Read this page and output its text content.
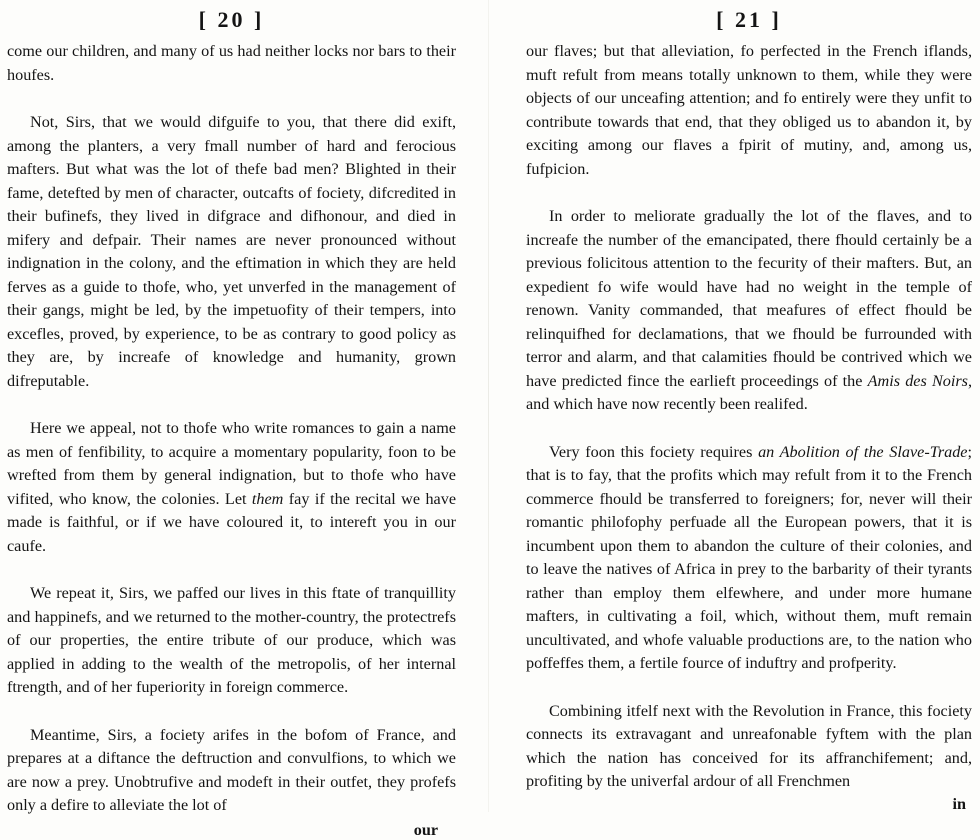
[ 20 ]

come our children, and many of us had neither locks nor bars to their houfes.

Not, Sirs, that we would difguife to you, that there did exift, among the planters, a very fmall number of hard and ferocious mafters. But what was the lot of thefe bad men? Blighted in their fame, detefted by men of character, outcafts of fociety, difcredited in their bufinefs, they lived in difgrace and difhonour, and died in mifery and defpair. Their names are never pronounced without indignation in the colony, and the eftimation in which they are held ferves as a guide to thofe, who, yet unverfed in the management of their gangs, might be led, by the impetuofity of their tempers, into excefles, proved, by experience, to be as contrary to good policy as they are, by increafe of knowledge and humanity, grown difreputable.

Here we appeal, not to thofe who write romances to gain a name as men of fenfibility, to acquire a momentary popularity, foon to be wrefted from them by general indignation, but to thofe who have vifited, who know, the colonies. Let them fay if the recital we have made is faithful, or if we have coloured it, to intereft you in our caufe.

We repeat it, Sirs, we paffed our lives in this ftate of tranquillity and happinefs, and we returned to the mother-country, the protectrefs of our properties, the entire tribute of our produce, which was applied in adding to the wealth of the metropolis, of her internal ftrength, and of her fuperiority in foreign commerce.

Meantime, Sirs, a fociety arifes in the bofom of France, and prepares at a diftance the deftruction and convulfions, to which we are now a prey. Unobtrufive and modeft in their outfet, they profefs only a defire to alleviate the lot of

our
[ 21 ]

our flaves; but that alleviation, fo perfected in the French iflands, muft refult from means totally unknown to them, while they were objects of our unceafing attention; and fo entirely were they unfit to contribute towards that end, that they obliged us to abandon it, by exciting among our flaves a fpirit of mutiny, and, among us, fufpicion.

In order to meliorate gradually the lot of the flaves, and to increafe the number of the emancipated, there fhould certainly be a previous folicitous attention to the fecurity of their mafters. But, an expedient fo wife would have had no weight in the temple of renown. Vanity commanded, that meafures of effect fhould be relinquifhed for declamations, that we fhould be furrounded with terror and alarm, and that calamities fhould be contrived which we have predicted fince the earlieft proceedings of the Amis des Noirs, and which have now recently been realifed.

Very foon this fociety requires an Abolition of the Slave-Trade; that is to fay, that the profits which may refult from it to the French commerce fhould be transferred to foreigners; for, never will their romantic philofophy perfuade all the European powers, that it is incumbent upon them to abandon the culture of their colonies, and to leave the natives of Africa in prey to the barbarity of their tyrants rather than employ them elfewhere, and under more humane mafters, in cultivating a foil, which, without them, muft remain uncultivated, and whofe valuable productions are, to the nation who poffeffes them, a fertile fource of induftry and profperity.

Combining itfelf next with the Revolution in France, this fociety connects its extravagant and unreafonable fyftem with the plan which the nation has conceived for its affranchifement; and, profiting by the univerfal ardour of all Frenchmen

in
